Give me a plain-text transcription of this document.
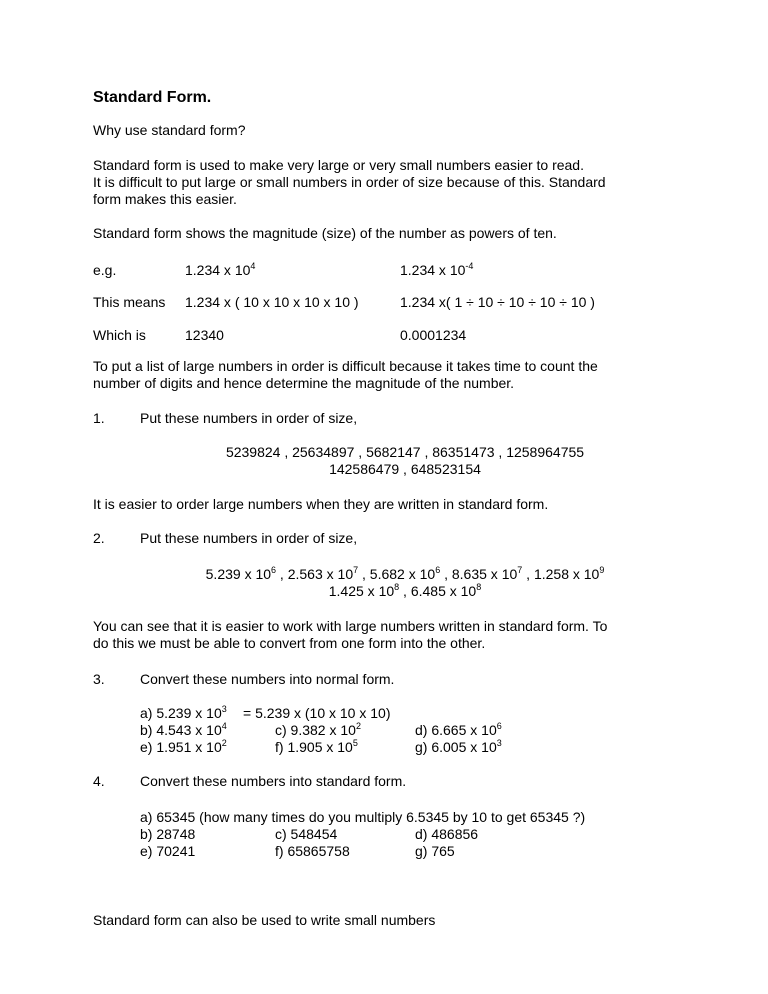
Standard Form.
Why use standard form?
Standard form is used to make very large or very small numbers easier to read.
It is difficult to put large or small numbers in order of size because of this. Standard
form makes this easier.
Standard form shows the magnitude (size) of the number as powers of ten.
e.g.	1.234 x $10^4$	1.234 x $10^{-4}$
This means 1.234 x ( 10 x 10 x 10 x 10 )	1.234 x( 1 ÷ 10 ÷ 10 ÷ 10 ÷ 10 )
Which is	12340	0.0001234
To put a list of large numbers in order is difficult because it takes time to count the
number of digits and hence determine the magnitude of the number.
1.	Put these numbers in order of size,
5239824 , 25634897 , 5682147 , 86351473 , 1258964755
142586479 , 648523154
It is easier to order large numbers when they are written in standard form.
2.	Put these numbers in order of size,
5.239 x $10^6$ , 2.563 x $10^7$ , 5.682 x $10^6$ , 8.635 x $10^7$ , 1.258 x $10^9$
1.425 x $10^8$ , 6.485 x $10^8$
You can see that it is easier to work with large numbers written in standard form. To
do this we must be able to convert from one form into the other.
3.	Convert these numbers into normal form.
a) 5.239 x $10^3 = 5.239$ x (10 x 10 x 10)
b) 4.543 x $10^4$	c) 9.382 x $10^2$	d) 6.665 x $10^6$
e) 1.951 x $10^2$	f) 1.905 x $10^5$	g) 6.005 x $10^3$
4.	Convert these numbers into standard form.
a) 65345 (how many times do you multiply 6.5345 by 10 to get 65345 ?)
b) 28748	c) 548454	d) 486856
e) 70241	f) 65865758	g) 765
Standard form can also be used to write small numbers
